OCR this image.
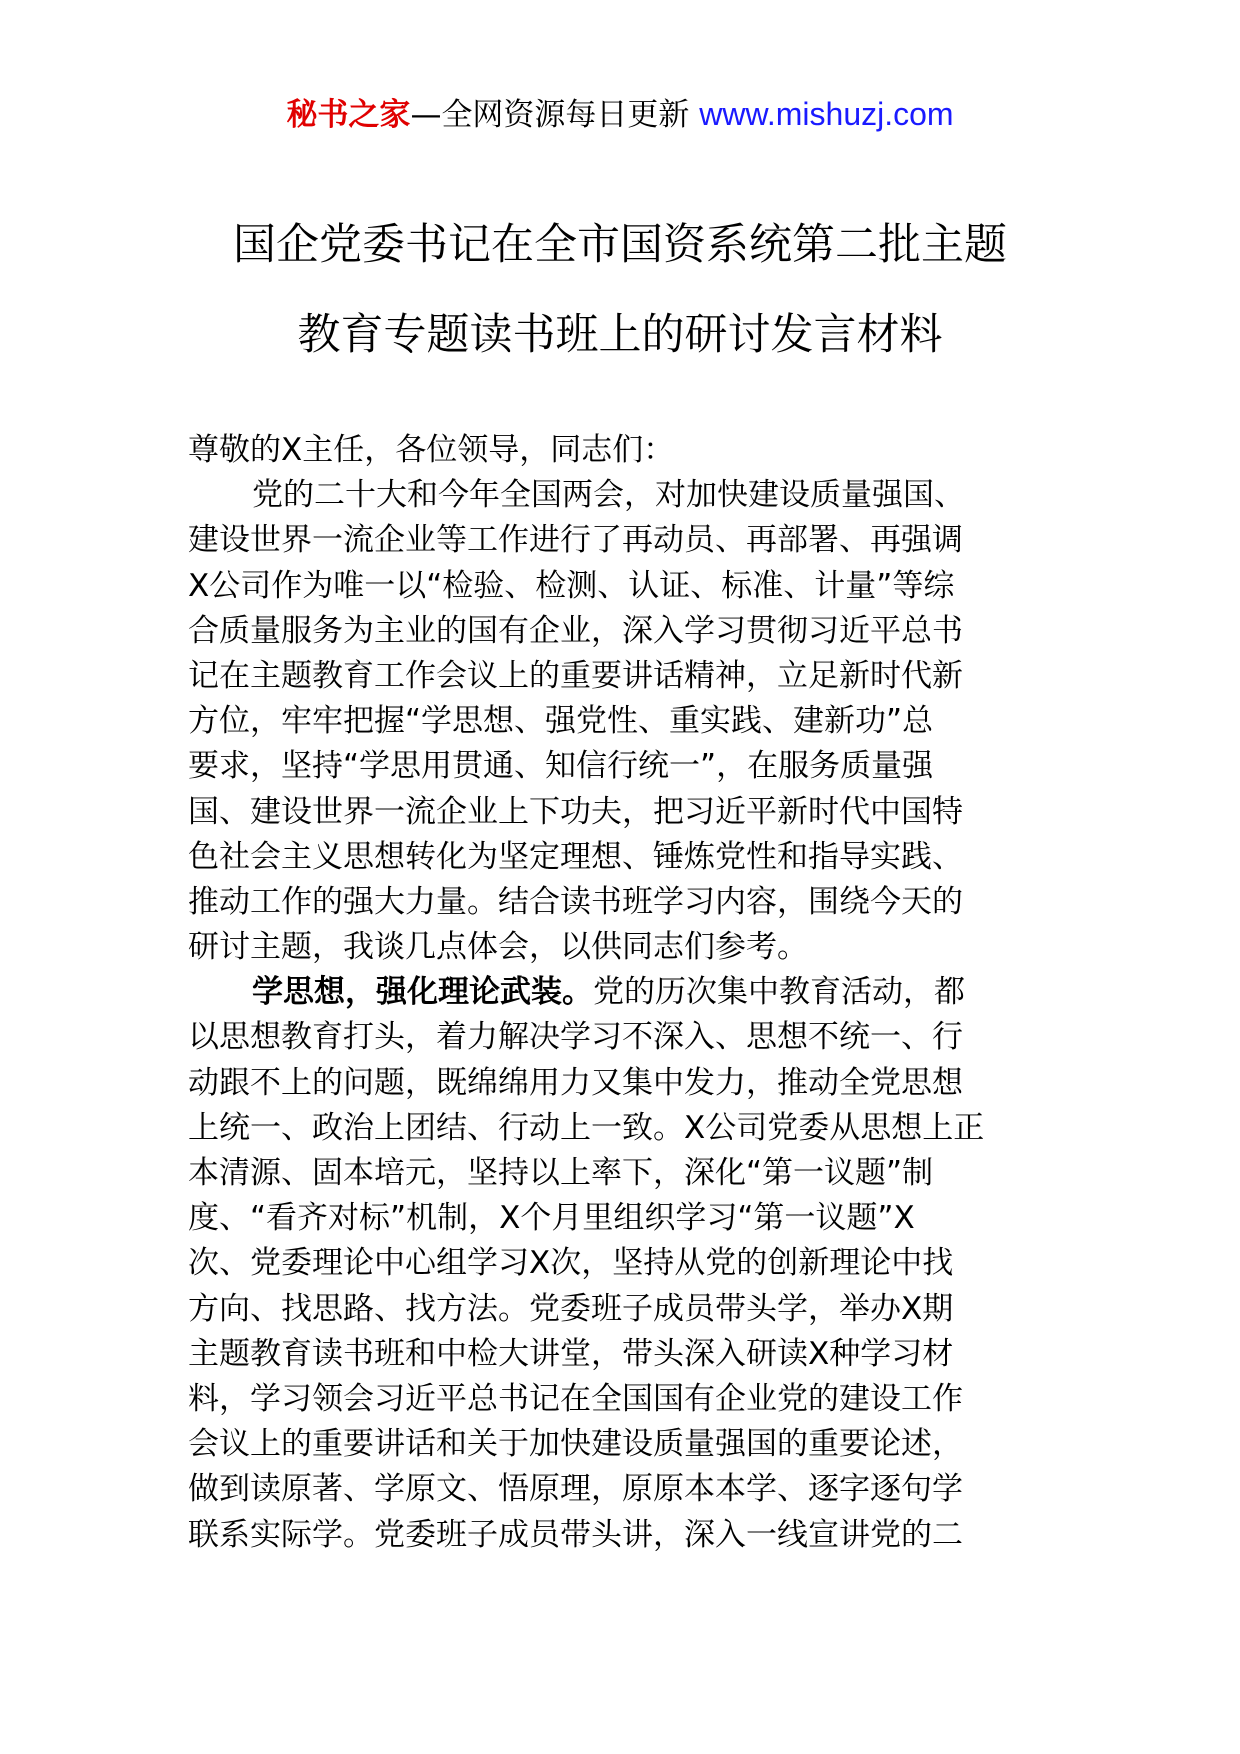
秘书之家—全网资源每日更新 www.mishuzj.com
国企党委书记在全市国资系统第二批主题
教育专题读书班上的研讨发言材料
尊敬的X主任，各位领导，同志们：
党的二十大和今年全国两会，对加快建设质量强国、
建设世界一流企业等工作进行了再动员、再部署、再强调
X公司作为唯一以“检验、检测、认证、标准、计量”等综
合质量服务为主业的国有企业，深入学习贯彻习近平总书
记在主题教育工作会议上的重要讲话精神，立足新时代新
方位，牢牢把握“学思想、强党性、重实践、建新功”总
要求，坚持“学思用贯通、知信行统一”，在服务质量强
国、建设世界一流企业上下功夫，把习近平新时代中国特
色社会主义思想转化为坚定理想、锤炼党性和指导实践、
推动工作的强大力量。结合读书班学习内容，围绕今天的
研讨主题，我谈几点体会，以供同志们参考。
学思想，强化理论武装。党的历次集中教育活动，都
以思想教育打头，着力解决学习不深入、思想不统一、行
动跟不上的问题，既绵绵用力又集中发力，推动全党思想
上统一、政治上团结、行动上一致。X公司党委从思想上正
本清源、固本培元，坚持以上率下，深化“第一议题”制
度、“看齐对标”机制，X个月里组织学习“第一议题”X
次、党委理论中心组学习X次，坚持从党的创新理论中找
方向、找思路、找方法。党委班子成员带头学，举办X期
主题教育读书班和中检大讲堂，带头深入研读X种学习材
料，学习领会习近平总书记在全国国有企业党的建设工作
会议上的重要讲话和关于加快建设质量强国的重要论述，
做到读原著、学原文、悟原理，原原本本学、逐字逐句学
联系实际学。党委班子成员带头讲，深入一线宣讲党的二
